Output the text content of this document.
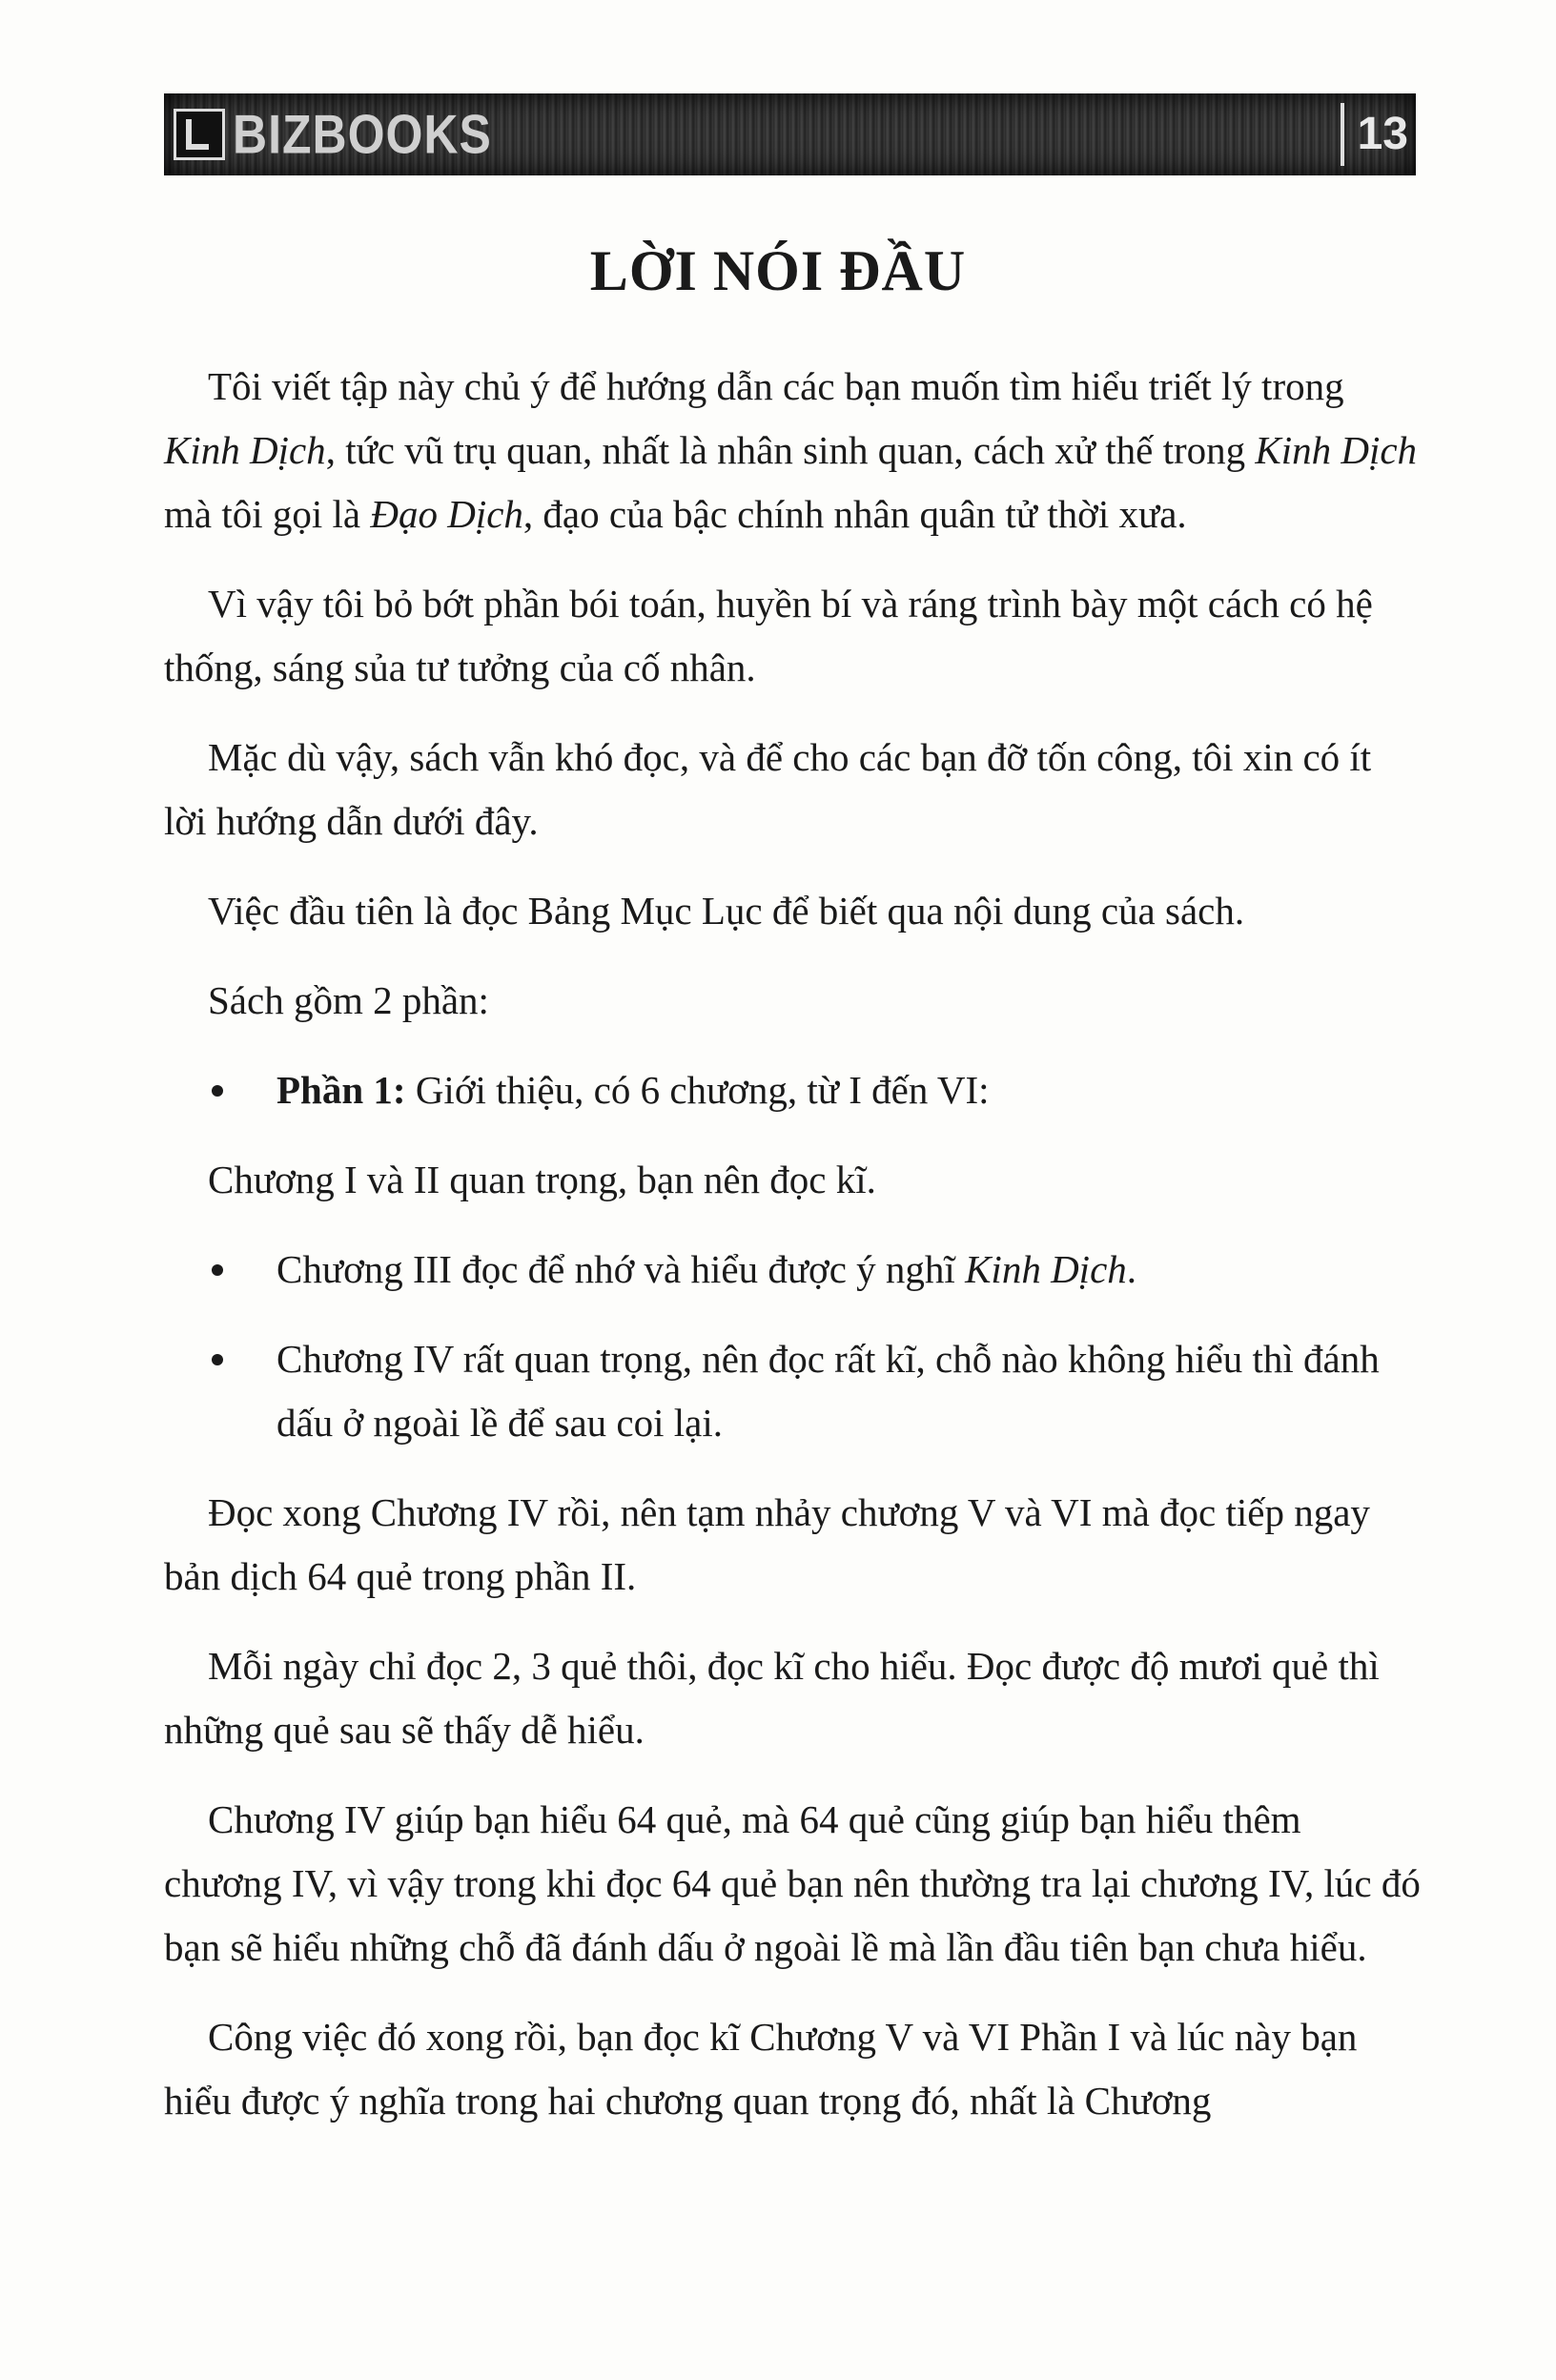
BIZBOOKS	13
LỜI NÓI ĐẦU

Tôi viết tập này chủ ý để hướng dẫn các bạn muốn tìm hiểu triết lý trong Kinh Dịch, tức vũ trụ quan, nhất là nhân sinh quan, cách xử thế trong Kinh Dịch mà tôi gọi là Đạo Dịch, đạo của bậc chính nhân quân tử thời xưa.

Vì vậy tôi bỏ bớt phần bói toán, huyền bí và ráng trình bày một cách có hệ thống, sáng sủa tư tưởng của cố nhân.

Mặc dù vậy, sách vẫn khó đọc, và để cho các bạn đỡ tốn công, tôi xin có ít lời hướng dẫn dưới đây.

Việc đầu tiên là đọc Bảng Mục Lục để biết qua nội dung của sách.

Sách gồm 2 phần:

Phần 1: Giới thiệu, có 6 chương, từ I đến VI:

Chương I và II quan trọng, bạn nên đọc kĩ.

Chương III đọc để nhớ và hiểu được ý nghĩ Kinh Dịch.
Chương IV rất quan trọng, nên đọc rất kĩ, chỗ nào không hiểu thì đánh dấu ở ngoài lề để sau coi lại.

Đọc xong Chương IV rồi, nên tạm nhảy chương V và VI mà đọc tiếp ngay bản dịch 64 quẻ trong phần II.

Mỗi ngày chỉ đọc 2, 3 quẻ thôi, đọc kĩ cho hiểu. Đọc được độ mươi quẻ thì những quẻ sau sẽ thấy dễ hiểu.

Chương IV giúp bạn hiểu 64 quẻ, mà 64 quẻ cũng giúp bạn hiểu thêm chương IV, vì vậy trong khi đọc 64 quẻ bạn nên thường tra lại chương IV, lúc đó bạn sẽ hiểu những chỗ đã đánh dấu ở ngoài lề mà lần đầu tiên bạn chưa hiểu.

Công việc đó xong rồi, bạn đọc kĩ Chương V và VI Phần I và lúc này bạn hiểu được ý nghĩa trong hai chương quan trọng đó, nhất là Chương
